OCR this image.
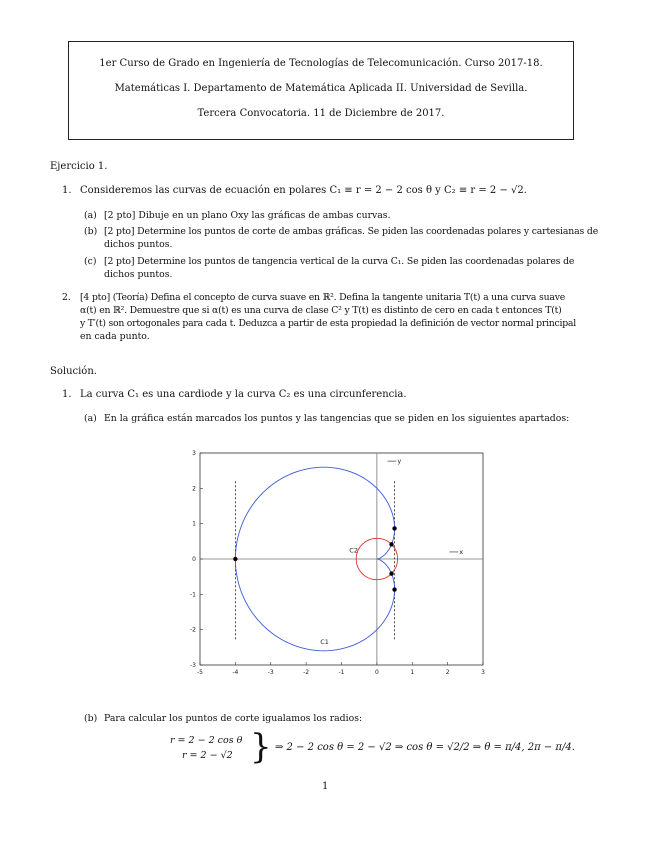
1er Curso de Grado en Ingeniería de Tecnologías de Telecomunicación. Curso 2017-18.
Matemáticas I. Departamento de Matemática Aplicada II. Universidad de Sevilla.
Tercera Convocatoria. 11 de Diciembre de 2017.
Ejercicio 1.
1. Consideremos las curvas de ecuación en polares C₁ ≡ r = 2 − 2 cos θ y C₂ ≡ r = 2 − √2.
(a) [2 pto] Dibuje en un plano Oxy las gráficas de ambas curvas.
(b) [2 pto] Determine los puntos de corte de ambas gráficas. Se piden las coordenadas polares y cartesianas de
dichos puntos.
(c) [2 pto] Determine los puntos de tangencia vertical de la curva C₁. Se piden las coordenadas polares de
dichos puntos.
2. [4 pto] (Teoría) Defina el concepto de curva suave en ℝ². Defina la tangente unitaria T(t) a una curva suave
α(t) en ℝ². Demuestre que si α(t) es una curva de clase C² y T(t) es distinto de cero en cada t entonces T(t)
y T′(t) son ortogonales para cada t. Deduzca a partir de esta propiedad la definición de vector normal principal
en cada punto.
Solución.
1. La curva C₁ es una cardiode y la curva C₂ es una circunferencia.
(a) En la gráfica están marcados los puntos y las tangencias que se piden en los siguientes apartados:
-5	-4	-3	-2	-1	0	1	2	3
-3
-2
-1
0
1
2
3
C1
C2	x
y
(b) Para calcular los puntos de corte igualamos los radios:
r = 2 − 2 cos θ
r = 2 − √2 } ⇒ 2 − 2 cos θ = 2 − √2 ⇒ cos θ = √2/2 ⇒ θ = π/4, 2π − π/4.
1
